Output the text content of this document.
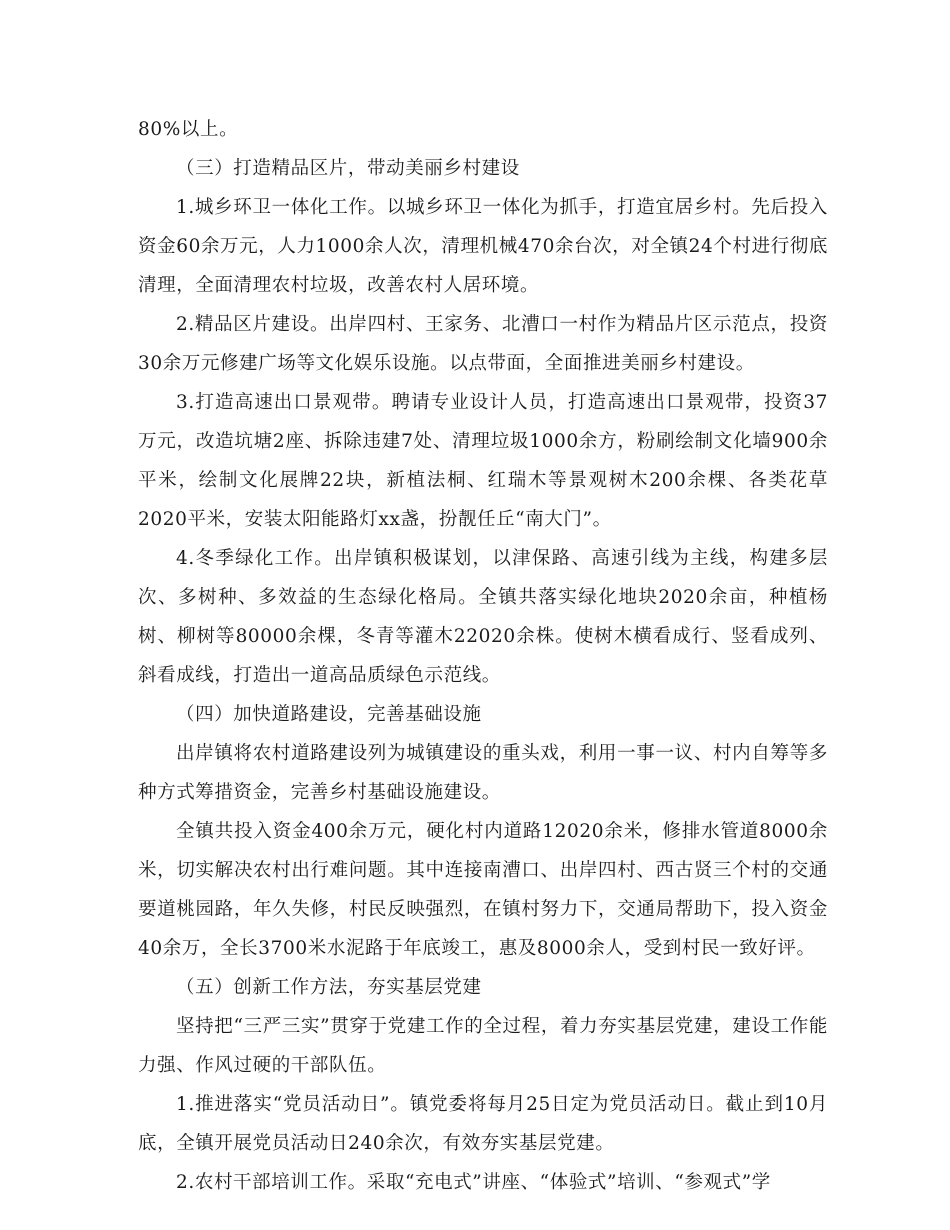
80%以上。

（三）打造精品区片，带动美丽乡村建设

1.城乡环卫一体化工作。以城乡环卫一体化为抓手，打造宜居乡村。先后投入资金60余万元，人力1000余人次，清理机械470余台次，对全镇24个村进行彻底清理，全面清理农村垃圾，改善农村人居环境。

2.精品区片建设。出岸四村、王家务、北漕口一村作为精品片区示范点，投资30余万元修建广场等文化娱乐设施。以点带面，全面推进美丽乡村建设。

3.打造高速出口景观带。聘请专业设计人员，打造高速出口景观带，投资37万元，改造坑塘2座、拆除违建7处、清理垃圾1000余方，粉刷绘制文化墙900余平米，绘制文化展牌22块，新植法桐、红瑞木等景观树木200余棵、各类花草2020平米，安装太阳能路灯xx盏，扮靓任丘“南大门”。

4.冬季绿化工作。出岸镇积极谋划，以津保路、高速引线为主线，构建多层次、多树种、多效益的生态绿化格局。全镇共落实绿化地块2020余亩，种植杨树、柳树等80000余棵，冬青等灌木22020余株。使树木横看成行、竖看成列、斜看成线，打造出一道高品质绿色示范线。

（四）加快道路建设，完善基础设施

出岸镇将农村道路建设列为城镇建设的重头戏，利用一事一议、村内自筹等多种方式筹措资金，完善乡村基础设施建设。

全镇共投入资金400余万元，硬化村内道路12020余米，修排水管道8000余米，切实解决农村出行难问题。其中连接南漕口、出岸四村、西古贤三个村的交通要道桃园路，年久失修，村民反映强烈，在镇村努力下，交通局帮助下，投入资金40余万，全长3700米水泥路于年底竣工，惠及8000余人，受到村民一致好评。

（五）创新工作方法，夯实基层党建

坚持把“三严三实”贯穿于党建工作的全过程，着力夯实基层党建，建设工作能力强、作风过硬的干部队伍。

1.推进落实“党员活动日”。镇党委将每月25日定为党员活动日。截止到10月底，全镇开展党员活动日240余次，有效夯实基层党建。

2.农村干部培训工作。采取“充电式”讲座、“体验式”培训、“参观式”学
